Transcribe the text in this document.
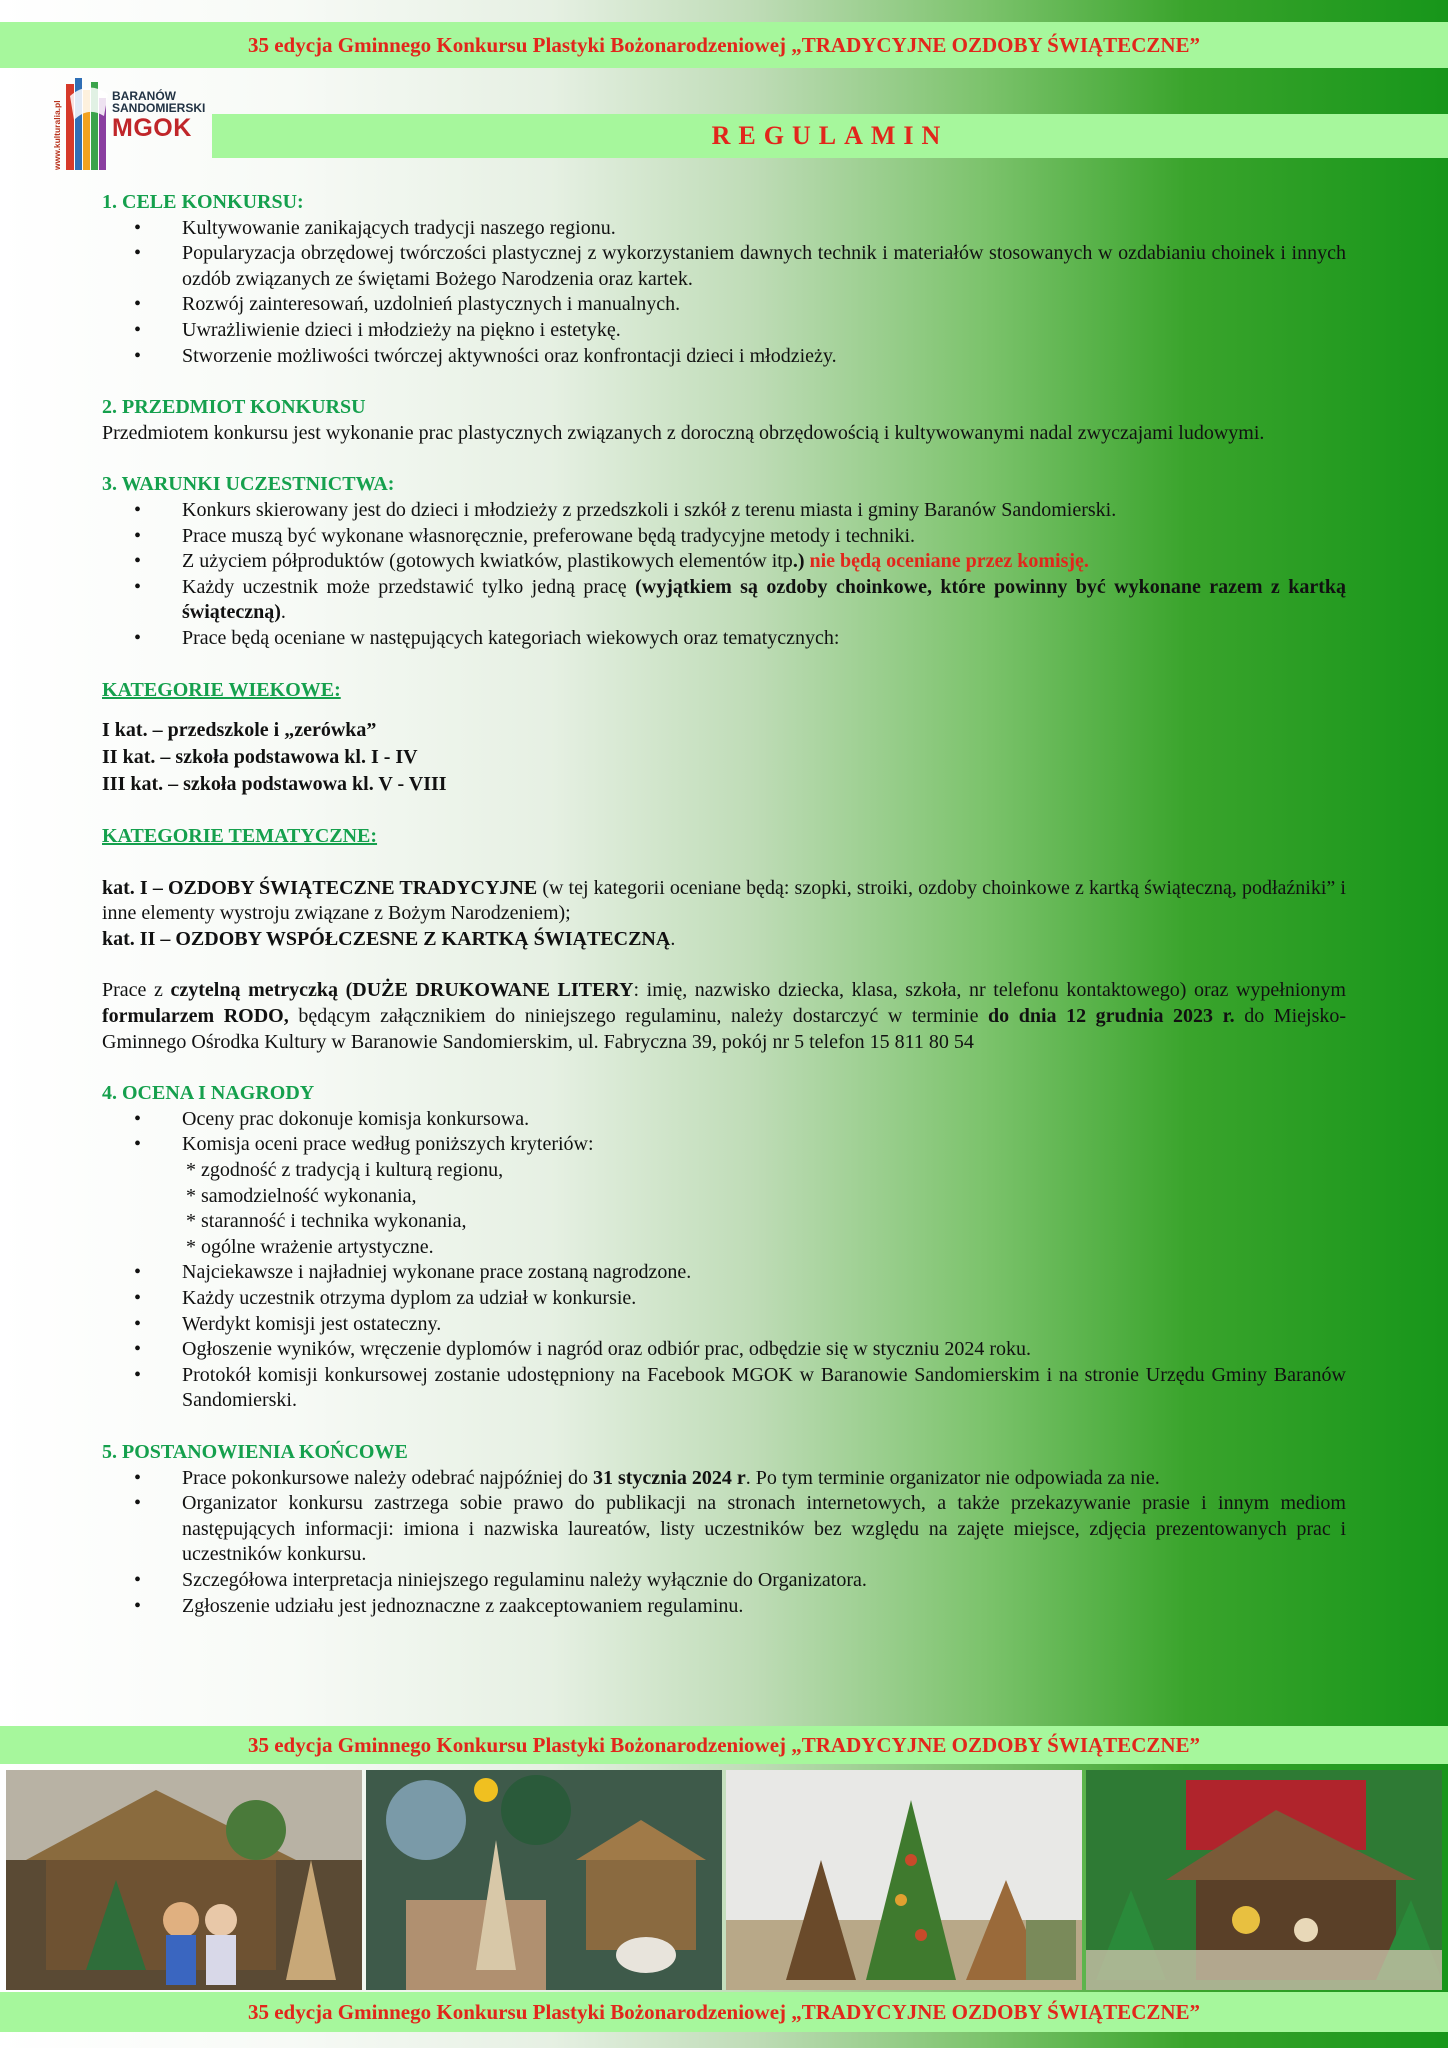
35 edycja Gminnego Konkursu Plastyki Bożonarodzeniowej „TRADYCYJNE OZDOBY ŚWIĄTECZNE”
www.kulturalia.pl
BARANÓW
SANDOMIERSKI
MGOK	REGULAMIN

1. CELE KONKURSU:

• Kultywowanie zanikających tradycji naszego regionu.
• Popularyzacja obrzędowej twórczości plastycznej z wykorzystaniem dawnych technik i materiałów stosowanych w ozdabianiu choinek i innych ozdób związanych ze świętami Bożego Narodzenia oraz kartek.
• Rozwój zainteresowań, uzdolnień plastycznych i manualnych.
• Uwrażliwienie dzieci i młodzieży na piękno i estetykę.
• Stworzenie możliwości twórczej aktywności oraz konfrontacji dzieci i młodzieży.

2. PRZEDMIOT KONKURSU

Przedmiotem konkursu jest wykonanie prac plastycznych związanych z doroczną obrzędowością i kultywowanymi nadal zwyczajami ludowymi.

3. WARUNKI UCZESTNICTWA:

• Konkurs skierowany jest do dzieci i młodzieży z przedszkoli i szkół z terenu miasta i gminy Baranów Sandomierski.
• Prace muszą być wykonane własnoręcznie, preferowane będą tradycyjne metody i techniki.
• Z użyciem półproduktów (gotowych kwiatków, plastikowych elementów itp.) nie będą oceniane przez komisję.
• Każdy uczestnik może przedstawić tylko jedną pracę (wyjątkiem są ozdoby choinkowe, które powinny być wykonane razem z kartką świąteczną).
• Prace będą oceniane w następujących kategoriach wiekowych oraz tematycznych:

KATEGORIE WIEKOWE:

I kat. – przedszkole i „zerówka”

II kat. – szkoła podstawowa kl. I - IV

III kat. – szkoła podstawowa kl. V - VIII

KATEGORIE TEMATYCZNE:

kat. I – OZDOBY ŚWIĄTECZNE TRADYCYJNE (w tej kategorii oceniane będą: szopki, stroiki, ozdoby choinkowe z kartką świąteczną, podłaźniki” i inne elementy wystroju związane z Bożym Narodzeniem);

kat. II – OZDOBY WSPÓŁCZESNE Z KARTKĄ ŚWIĄTECZNĄ.

Prace z czytelną metryczką (DUŻE DRUKOWANE LITERY: imię, nazwisko dziecka, klasa, szkoła, nr telefonu kontaktowego) oraz wypełnionym formularzem RODO, będącym załącznikiem do niniejszego regulaminu, należy dostarczyć w terminie do dnia 12 grudnia 2023 r. do Miejsko-Gminnego Ośrodka Kultury w Baranowie Sandomierskim, ul. Fabryczna 39, pokój nr 5 telefon 15 811 80 54

4. OCENA I NAGRODY

• Oceny prac dokonuje komisja konkursowa.
• Komisja oceni prace według poniższych kryteriów:
* zgodność z tradycją i kulturą regionu,
* samodzielność wykonania,
* staranność i technika wykonania,
* ogólne wrażenie artystyczne.
• Najciekawsze i najładniej wykonane prace zostaną nagrodzone.
• Każdy uczestnik otrzyma dyplom za udział w konkursie.
• Werdykt komisji jest ostateczny.
• Ogłoszenie wyników, wręczenie dyplomów i nagród oraz odbiór prac, odbędzie się w styczniu 2024 roku.
• Protokół komisji konkursowej zostanie udostępniony na Facebook MGOK w Baranowie Sandomierskim i na stronie Urzędu Gminy Baranów Sandomierski.

5. POSTANOWIENIA KOŃCOWE

• Prace pokonkursowe należy odebrać najpóźniej do 31 stycznia 2024 r. Po tym terminie organizator nie odpowiada za nie.
• Organizator konkursu zastrzega sobie prawo do publikacji na stronach internetowych, a także przekazywanie prasie i innym mediom następujących informacji: imiona i nazwiska laureatów, listy uczestników bez względu na zajęte miejsce, zdjęcia prezentowanych prac i uczestników konkursu.
• Szczegółowa interpretacja niniejszego regulaminu należy wyłącznie do Organizatora.
• Zgłoszenie udziału jest jednoznaczne z zaakceptowaniem regulaminu.
35 edycja Gminnego Konkursu Plastyki Bożonarodzeniowej „TRADYCYJNE OZDOBY ŚWIĄTECZNE”
35 edycja Gminnego Konkursu Plastyki Bożonarodzeniowej „TRADYCYJNE OZDOBY ŚWIĄTECZNE”
